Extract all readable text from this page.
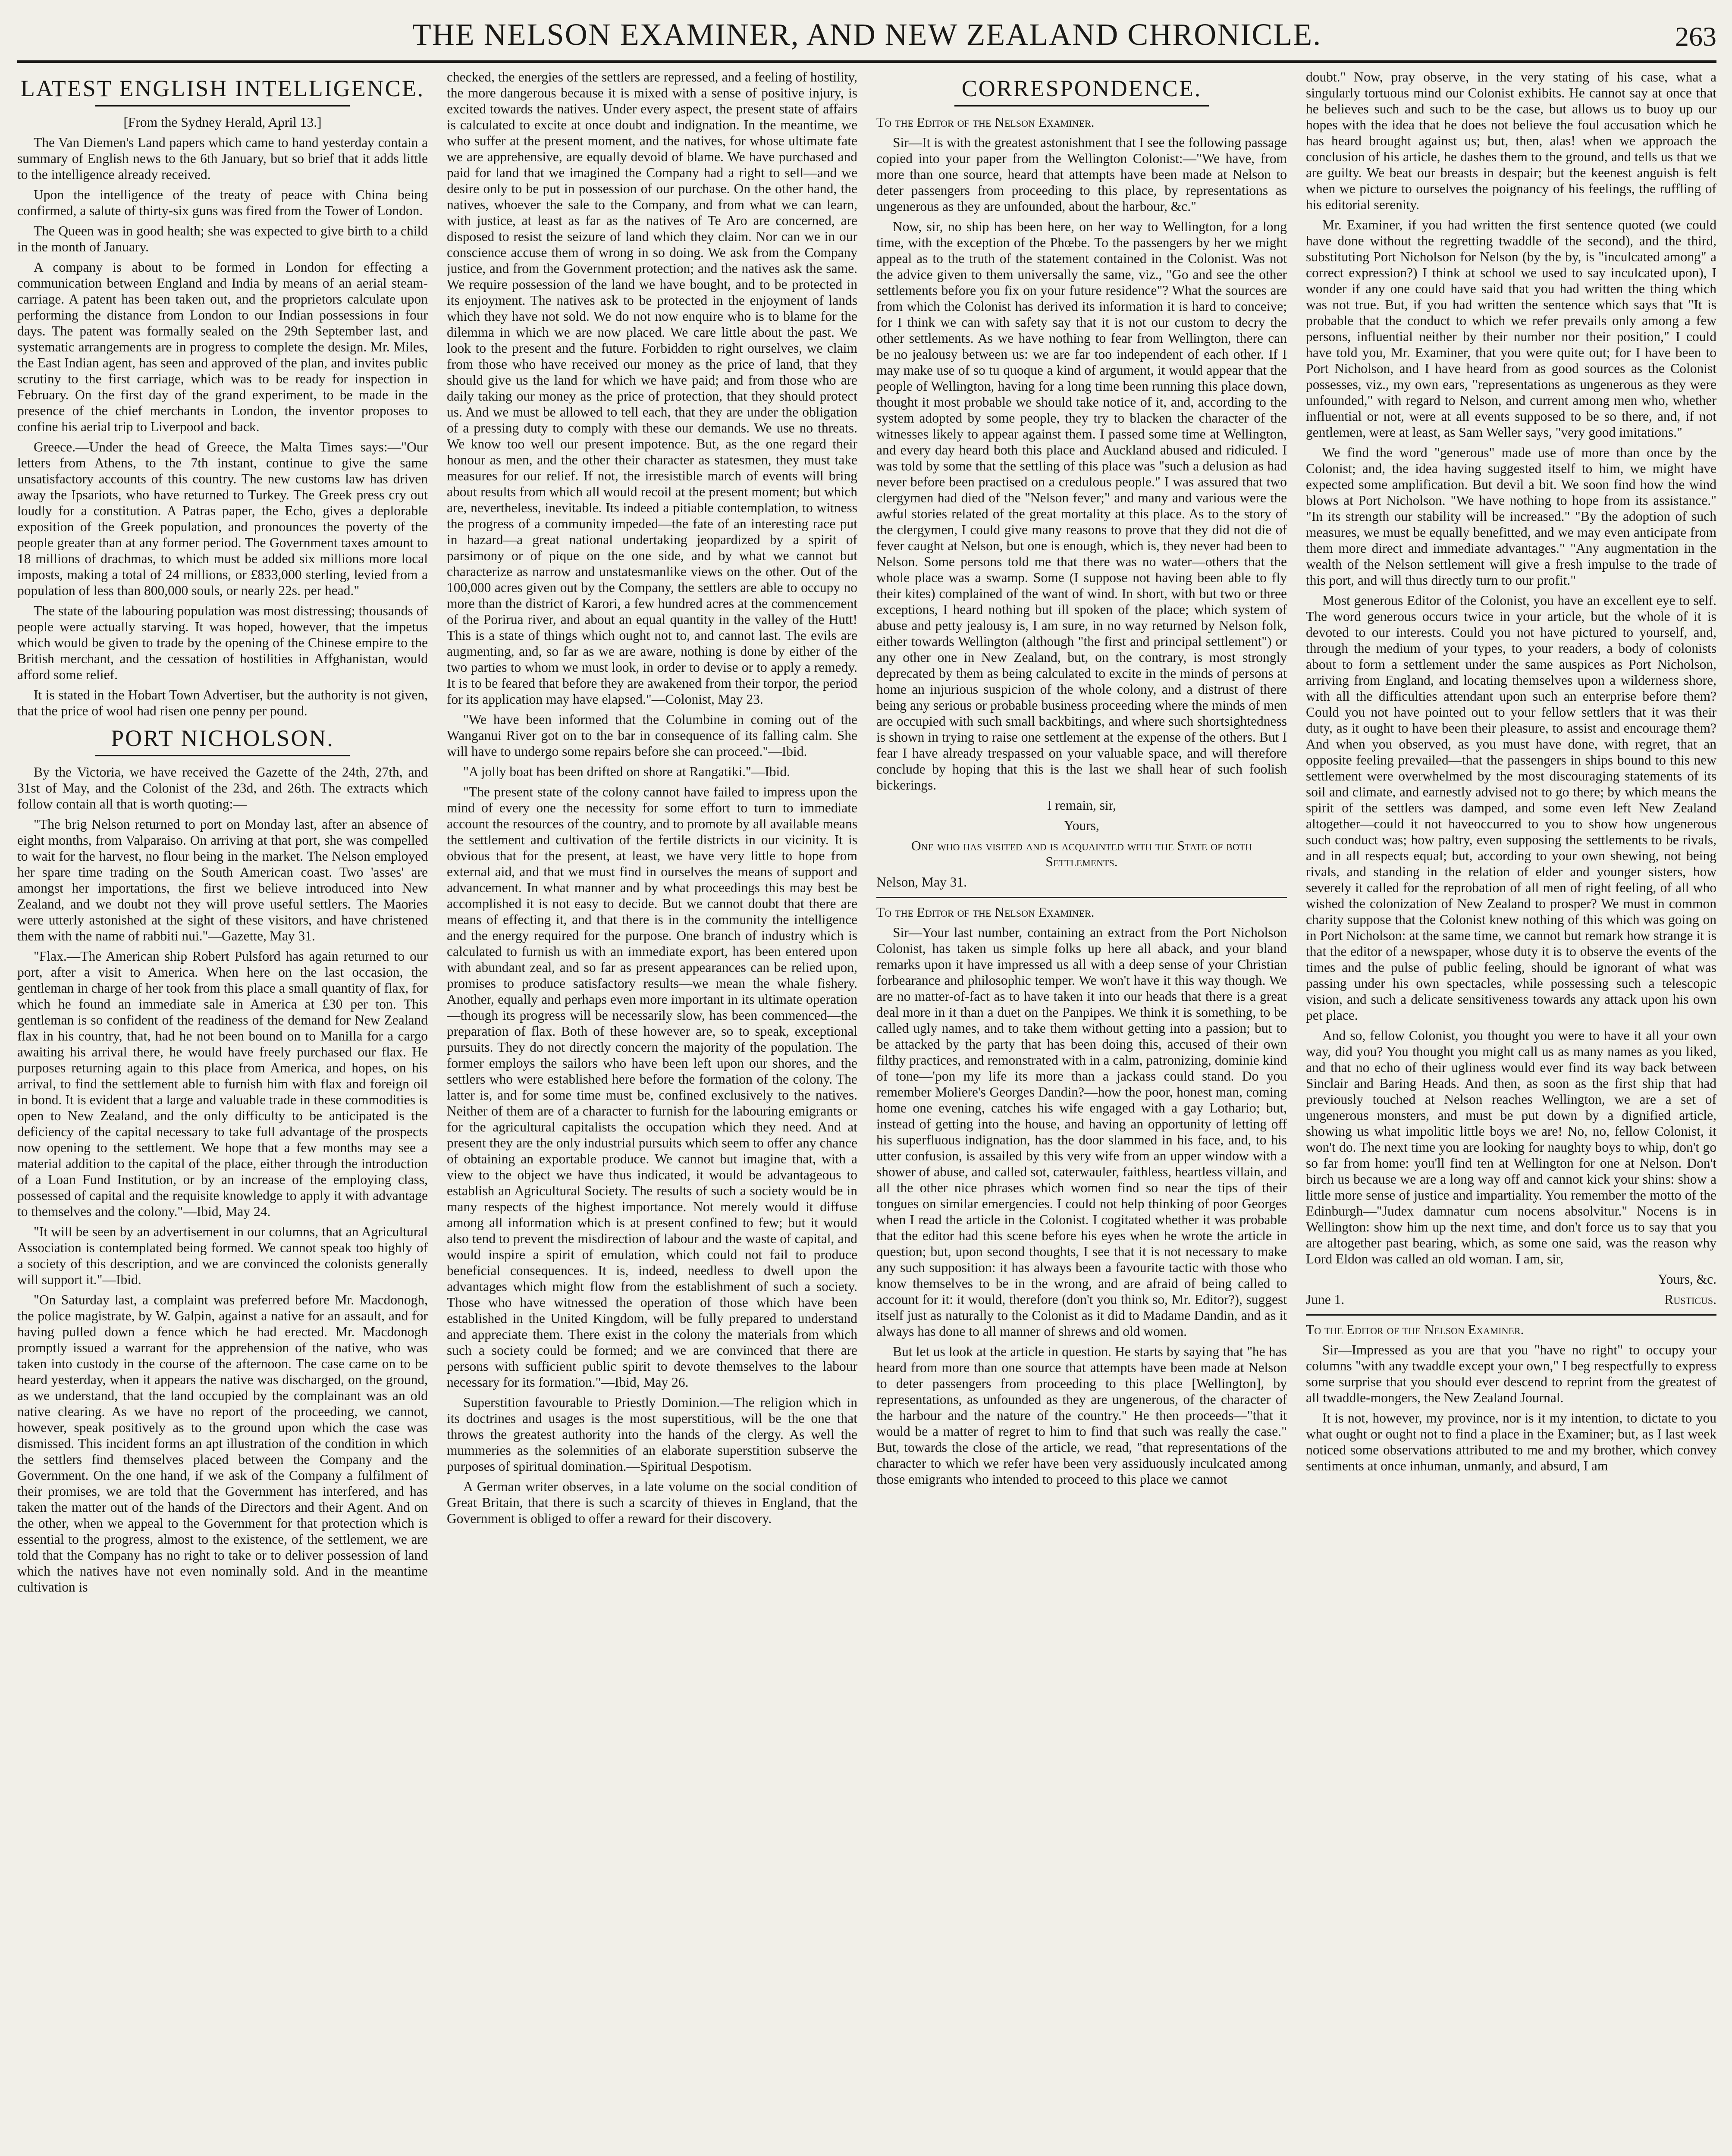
THE NELSON EXAMINER, AND NEW ZEALAND CHRONICLE.	263
LATEST ENGLISH INTELLIGENCE.

[From the Sydney Herald, April 13.]

The Van Diemen's Land papers which came to hand yesterday contain a summary of English news to the 6th January, but so brief that it adds little to the intelligence already received.

Upon the intelligence of the treaty of peace with China being confirmed, a salute of thirty-six guns was fired from the Tower of London.

The Queen was in good health; she was expected to give birth to a child in the month of January.

A company is about to be formed in London for effecting a communication between England and India by means of an aerial steam-carriage. A patent has been taken out, and the proprietors calculate upon performing the distance from London to our Indian possessions in four days. The patent was formally sealed on the 29th September last, and systematic arrangements are in progress to complete the design. Mr. Miles, the East Indian agent, has seen and approved of the plan, and invites public scrutiny to the first carriage, which was to be ready for inspection in February. On the first day of the grand experiment, to be made in the presence of the chief merchants in London, the inventor proposes to confine his aerial trip to Liverpool and back.

Greece.—Under the head of Greece, the Malta Times says:—"Our letters from Athens, to the 7th instant, continue to give the same unsatisfactory accounts of this country. The new customs law has driven away the Ipsariots, who have returned to Turkey. The Greek press cry out loudly for a constitution. A Patras paper, the Echo, gives a deplorable exposition of the Greek population, and pronounces the poverty of the people greater than at any former period. The Government taxes amount to 18 millions of drachmas, to which must be added six millions more local imposts, making a total of 24 millions, or £833,000 sterling, levied from a population of less than 800,000 souls, or nearly 22s. per head."

The state of the labouring population was most distressing; thousands of people were actually starving. It was hoped, however, that the impetus which would be given to trade by the opening of the Chinese empire to the British merchant, and the cessation of hostilities in Affghanistan, would afford some relief.

It is stated in the Hobart Town Advertiser, but the authority is not given, that the price of wool had risen one penny per pound.

PORT NICHOLSON.

By the Victoria, we have received the Gazette of the 24th, 27th, and 31st of May, and the Colonist of the 23d, and 26th. The extracts which follow contain all that is worth quoting:—

"The brig Nelson returned to port on Monday last, after an absence of eight months, from Valparaiso. On arriving at that port, she was compelled to wait for the harvest, no flour being in the market. The Nelson employed her spare time trading on the South American coast. Two 'asses' are amongst her importations, the first we believe introduced into New Zealand, and we doubt not they will prove useful settlers. The Maories were utterly astonished at the sight of these visitors, and have christened them with the name of rabbiti nui."—Gazette, May 31.

"Flax.—The American ship Robert Pulsford has again returned to our port, after a visit to America. When here on the last occasion, the gentleman in charge of her took from this place a small quantity of flax, for which he found an immediate sale in America at £30 per ton. This gentleman is so confident of the readiness of the demand for New Zealand flax in his country, that, had he not been bound on to Manilla for a cargo awaiting his arrival there, he would have freely purchased our flax. He purposes returning again to this place from America, and hopes, on his arrival, to find the settlement able to furnish him with flax and foreign oil in bond. It is evident that a large and valuable trade in these commodities is open to New Zealand, and the only difficulty to be anticipated is the deficiency of the capital necessary to take full advantage of the prospects now opening to the settlement. We hope that a few months may see a material addition to the capital of the place, either through the introduction of a Loan Fund Institution, or by an increase of the employing class, possessed of capital and the requisite knowledge to apply it with advantage to themselves and the colony."—Ibid, May 24.

"It will be seen by an advertisement in our columns, that an Agricultural Association is contemplated being formed. We cannot speak too highly of a society of this description, and we are convinced the colonists generally will support it."—Ibid.

"On Saturday last, a complaint was preferred before Mr. Macdonogh, the police magistrate, by W. Galpin, against a native for an assault, and for having pulled down a fence which he had erected. Mr. Macdonogh promptly issued a warrant for the apprehension of the native, who was taken into custody in the course of the afternoon. The case came on to be heard yesterday, when it appears the native was discharged, on the ground, as we understand, that the land occupied by the complainant was an old native clearing. As we have no report of the proceeding, we cannot, however, speak positively as to the ground upon which the case was dismissed. This incident forms an apt illustration of the condition in which the settlers find themselves placed between the Company and the Government. On the one hand, if we ask of the Company a fulfilment of their promises, we are told that the Government has interfered, and has taken the matter out of the hands of the Directors and their Agent. And on the other, when we appeal to the Government for that protection which is essential to the progress, almost to the existence, of the settlement, we are told that the Company has no right to take or to deliver possession of land which the natives have not even nominally sold. And in the meantime cultivation is

checked, the energies of the settlers are repressed, and a feeling of hostility, the more dangerous because it is mixed with a sense of positive injury, is excited towards the natives. Under every aspect, the present state of affairs is calculated to excite at once doubt and indignation. In the meantime, we who suffer at the present moment, and the natives, for whose ultimate fate we are apprehensive, are equally devoid of blame. We have purchased and paid for land that we imagined the Company had a right to sell—and we desire only to be put in possession of our purchase. On the other hand, the natives, whoever the sale to the Company, and from what we can learn, with justice, at least as far as the natives of Te Aro are concerned, are disposed to resist the seizure of land which they claim. Nor can we in our conscience accuse them of wrong in so doing. We ask from the Company justice, and from the Government protection; and the natives ask the same. We require possession of the land we have bought, and to be protected in its enjoyment. The natives ask to be protected in the enjoyment of lands which they have not sold. We do not now enquire who is to blame for the dilemma in which we are now placed. We care little about the past. We look to the present and the future. Forbidden to right ourselves, we claim from those who have received our money as the price of land, that they should give us the land for which we have paid; and from those who are daily taking our money as the price of protection, that they should protect us. And we must be allowed to tell each, that they are under the obligation of a pressing duty to comply with these our demands. We use no threats. We know too well our present impotence. But, as the one regard their honour as men, and the other their character as statesmen, they must take measures for our relief. If not, the irresistible march of events will bring about results from which all would recoil at the present moment; but which are, nevertheless, inevitable. Its indeed a pitiable contemplation, to witness the progress of a community impeded—the fate of an interesting race put in hazard—a great national undertaking jeopardized by a spirit of parsimony or of pique on the one side, and by what we cannot but characterize as narrow and unstatesmanlike views on the other. Out of the 100,000 acres given out by the Company, the settlers are able to occupy no more than the district of Karori, a few hundred acres at the commencement of the Porirua river, and about an equal quantity in the valley of the Hutt! This is a state of things which ought not to, and cannot last. The evils are augmenting, and, so far as we are aware, nothing is done by either of the two parties to whom we must look, in order to devise or to apply a remedy. It is to be feared that before they are awakened from their torpor, the period for its application may have elapsed."—Colonist, May 23.

"We have been informed that the Columbine in coming out of the Wanganui River got on to the bar in consequence of its falling calm. She will have to undergo some repairs before she can proceed."—Ibid.

"A jolly boat has been drifted on shore at Rangatiki."—Ibid.

"The present state of the colony cannot have failed to impress upon the mind of every one the necessity for some effort to turn to immediate account the resources of the country, and to promote by all available means the settlement and cultivation of the fertile districts in our vicinity. It is obvious that for the present, at least, we have very little to hope from external aid, and that we must find in ourselves the means of support and advancement. In what manner and by what proceedings this may best be accomplished it is not easy to decide. But we cannot doubt that there are means of effecting it, and that there is in the community the intelligence and the energy required for the purpose. One branch of industry which is calculated to furnish us with an immediate export, has been entered upon with abundant zeal, and so far as present appearances can be relied upon, promises to produce satisfactory results—we mean the whale fishery. Another, equally and perhaps even more important in its ultimate operation—though its progress will be necessarily slow, has been commenced—the preparation of flax. Both of these however are, so to speak, exceptional pursuits. They do not directly concern the majority of the population. The former employs the sailors who have been left upon our shores, and the settlers who were established here before the formation of the colony. The latter is, and for some time must be, confined exclusively to the natives. Neither of them are of a character to furnish for the labouring emigrants or for the agricultural capitalists the occupation which they need. And at present they are the only industrial pursuits which seem to offer any chance of obtaining an exportable produce. We cannot but imagine that, with a view to the object we have thus indicated, it would be advantageous to establish an Agricultural Society. The results of such a society would be in many respects of the highest importance. Not merely would it diffuse among all information which is at present confined to few; but it would also tend to prevent the misdirection of labour and the waste of capital, and would inspire a spirit of emulation, which could not fail to produce beneficial consequences. It is, indeed, needless to dwell upon the advantages which might flow from the establishment of such a society. Those who have witnessed the operation of those which have been established in the United Kingdom, will be fully prepared to understand and appreciate them. There exist in the colony the materials from which such a society could be formed; and we are convinced that there are persons with sufficient public spirit to devote themselves to the labour necessary for its formation."—Ibid, May 26.

Superstition favourable to Priestly Dominion.—The religion which in its doctrines and usages is the most superstitious, will be the one that throws the greatest authority into the hands of the clergy. As well the mummeries as the solemnities of an elaborate superstition subserve the purposes of spiritual domination.—Spiritual Despotism.

A German writer observes, in a late volume on the social condition of Great Britain, that there is such a scarcity of thieves in England, that the Government is obliged to offer a reward for their discovery.

CORRESPONDENCE.

To the Editor of the Nelson Examiner.

Sir—It is with the greatest astonishment that I see the following passage copied into your paper from the Wellington Colonist:—"We have, from more than one source, heard that attempts have been made at Nelson to deter passengers from proceeding to this place, by representations as ungenerous as they are unfounded, about the harbour, &c."

Now, sir, no ship has been here, on her way to Wellington, for a long time, with the exception of the Phœbe. To the passengers by her we might appeal as to the truth of the statement contained in the Colonist. Was not the advice given to them universally the same, viz., "Go and see the other settlements before you fix on your future residence"? What the sources are from which the Colonist has derived its information it is hard to conceive; for I think we can with safety say that it is not our custom to decry the other settlements. As we have nothing to fear from Wellington, there can be no jealousy between us: we are far too independent of each other. If I may make use of so tu quoque a kind of argument, it would appear that the people of Wellington, having for a long time been running this place down, thought it most probable we should take notice of it, and, according to the system adopted by some people, they try to blacken the character of the witnesses likely to appear against them. I passed some time at Wellington, and every day heard both this place and Auckland abused and ridiculed. I was told by some that the settling of this place was "such a delusion as had never before been practised on a credulous people." I was assured that two clergymen had died of the "Nelson fever;" and many and various were the awful stories related of the great mortality at this place. As to the story of the clergymen, I could give many reasons to prove that they did not die of fever caught at Nelson, but one is enough, which is, they never had been to Nelson. Some persons told me that there was no water—others that the whole place was a swamp. Some (I suppose not having been able to fly their kites) complained of the want of wind. In short, with but two or three exceptions, I heard nothing but ill spoken of the place; which system of abuse and petty jealousy is, I am sure, in no way returned by Nelson folk, either towards Wellington (although "the first and principal settlement") or any other one in New Zealand, but, on the contrary, is most strongly deprecated by them as being calculated to excite in the minds of persons at home an injurious suspicion of the whole colony, and a distrust of there being any serious or probable business proceeding where the minds of men are occupied with such small backbitings, and where such shortsightedness is shown in trying to raise one settlement at the expense of the others. But I fear I have already trespassed on your valuable space, and will therefore conclude by hoping that this is the last we shall hear of such foolish bickerings.

I remain, sir,

Yours,

One who has visited and is acquainted with the State of both Settlements.

Nelson, May 31.

To the Editor of the Nelson Examiner.

Sir—Your last number, containing an extract from the Port Nicholson Colonist, has taken us simple folks up here all aback, and your bland remarks upon it have impressed us all with a deep sense of your Christian forbearance and philosophic temper. We won't have it this way though. We are no matter-of-fact as to have taken it into our heads that there is a great deal more in it than a duet on the Panpipes. We think it is something, to be called ugly names, and to take them without getting into a passion; but to be attacked by the party that has been doing this, accused of their own filthy practices, and remonstrated with in a calm, patronizing, dominie kind of tone—'pon my life its more than a jackass could stand. Do you remember Moliere's Georges Dandin?—how the poor, honest man, coming home one evening, catches his wife engaged with a gay Lothario; but, instead of getting into the house, and having an opportunity of letting off his superfluous indignation, has the door slammed in his face, and, to his utter confusion, is assailed by this very wife from an upper window with a shower of abuse, and called sot, caterwauler, faithless, heartless villain, and all the other nice phrases which women find so near the tips of their tongues on similar emergencies. I could not help thinking of poor Georges when I read the article in the Colonist. I cogitated whether it was probable that the editor had this scene before his eyes when he wrote the article in question; but, upon second thoughts, I see that it is not necessary to make any such supposition: it has always been a favourite tactic with those who know themselves to be in the wrong, and are afraid of being called to account for it: it would, therefore (don't you think so, Mr. Editor?), suggest itself just as naturally to the Colonist as it did to Madame Dandin, and as it always has done to all manner of shrews and old women.

But let us look at the article in question. He starts by saying that "he has heard from more than one source that attempts have been made at Nelson to deter passengers from proceeding to this place [Wellington], by representations, as unfounded as they are ungenerous, of the character of the harbour and the nature of the country." He then proceeds—"that it would be a matter of regret to him to find that such was really the case." But, towards the close of the article, we read, "that representations of the character to which we refer have been very assiduously inculcated among those emigrants who intended to proceed to this place we cannot

doubt." Now, pray observe, in the very stating of his case, what a singularly tortuous mind our Colonist exhibits. He cannot say at once that he believes such and such to be the case, but allows us to buoy up our hopes with the idea that he does not believe the foul accusation which he has heard brought against us; but, then, alas! when we approach the conclusion of his article, he dashes them to the ground, and tells us that we are guilty. We beat our breasts in despair; but the keenest anguish is felt when we picture to ourselves the poignancy of his feelings, the ruffling of his editorial serenity.

Mr. Examiner, if you had written the first sentence quoted (we could have done without the regretting twaddle of the second), and the third, substituting Port Nicholson for Nelson (by the by, is "inculcated among" a correct expression?) I think at school we used to say inculcated upon), I wonder if any one could have said that you had written the thing which was not true. But, if you had written the sentence which says that "It is probable that the conduct to which we refer prevails only among a few persons, influential neither by their number nor their position," I could have told you, Mr. Examiner, that you were quite out; for I have been to Port Nicholson, and I have heard from as good sources as the Colonist possesses, viz., my own ears, "representations as ungenerous as they were unfounded," with regard to Nelson, and current among men who, whether influential or not, were at all events supposed to be so there, and, if not gentlemen, were at least, as Sam Weller says, "very good imitations."

We find the word "generous" made use of more than once by the Colonist; and, the idea having suggested itself to him, we might have expected some amplification. But devil a bit. We soon find how the wind blows at Port Nicholson. "We have nothing to hope from its assistance." "In its strength our stability will be increased." "By the adoption of such measures, we must be equally benefitted, and we may even anticipate from them more direct and immediate advantages." "Any augmentation in the wealth of the Nelson settlement will give a fresh impulse to the trade of this port, and will thus directly turn to our profit."

Most generous Editor of the Colonist, you have an excellent eye to self. The word generous occurs twice in your article, but the whole of it is devoted to our interests. Could you not have pictured to yourself, and, through the medium of your types, to your readers, a body of colonists about to form a settlement under the same auspices as Port Nicholson, arriving from England, and locating themselves upon a wilderness shore, with all the difficulties attendant upon such an enterprise before them? Could you not have pointed out to your fellow settlers that it was their duty, as it ought to have been their pleasure, to assist and encourage them? And when you observed, as you must have done, with regret, that an opposite feeling prevailed—that the passengers in ships bound to this new settlement were overwhelmed by the most discouraging statements of its soil and climate, and earnestly advised not to go there; by which means the spirit of the settlers was damped, and some even left New Zealand altogether—could it not haveoccurred to you to show how ungenerous such conduct was; how paltry, even supposing the settlements to be rivals, and in all respects equal; but, according to your own shewing, not being rivals, and standing in the relation of elder and younger sisters, how severely it called for the reprobation of all men of right feeling, of all who wished the colonization of New Zealand to prosper? We must in common charity suppose that the Colonist knew nothing of this which was going on in Port Nicholson: at the same time, we cannot but remark how strange it is that the editor of a newspaper, whose duty it is to observe the events of the times and the pulse of public feeling, should be ignorant of what was passing under his own spectacles, while possessing such a telescopic vision, and such a delicate sensitiveness towards any attack upon his own pet place.

And so, fellow Colonist, you thought you were to have it all your own way, did you? You thought you might call us as many names as you liked, and that no echo of their ugliness would ever find its way back between Sinclair and Baring Heads. And then, as soon as the first ship that had previously touched at Nelson reaches Wellington, we are a set of ungenerous monsters, and must be put down by a dignified article, showing us what impolitic little boys we are! No, no, fellow Colonist, it won't do. The next time you are looking for naughty boys to whip, don't go so far from home: you'll find ten at Wellington for one at Nelson. Don't birch us because we are a long way off and cannot kick your shins: show a little more sense of justice and impartiality. You remember the motto of the Edinburgh—"Judex damnatur cum nocens absolvitur." Nocens is in Wellington: show him up the next time, and don't force us to say that you are altogether past bearing, which, as some one said, was the reason why Lord Eldon was called an old woman. I am, sir,

Yours, &c.

June 1.	Rusticus.

To the Editor of the Nelson Examiner.

Sir—Impressed as you are that you "have no right" to occupy your columns "with any twaddle except your own," I beg respectfully to express some surprise that you should ever descend to reprint from the greatest of all twaddle-mongers, the New Zealand Journal.

It is not, however, my province, nor is it my intention, to dictate to you what ought or ought not to find a place in the Examiner; but, as I last week noticed some observations attributed to me and my brother, which convey sentiments at once inhuman, unmanly, and absurd, I am
